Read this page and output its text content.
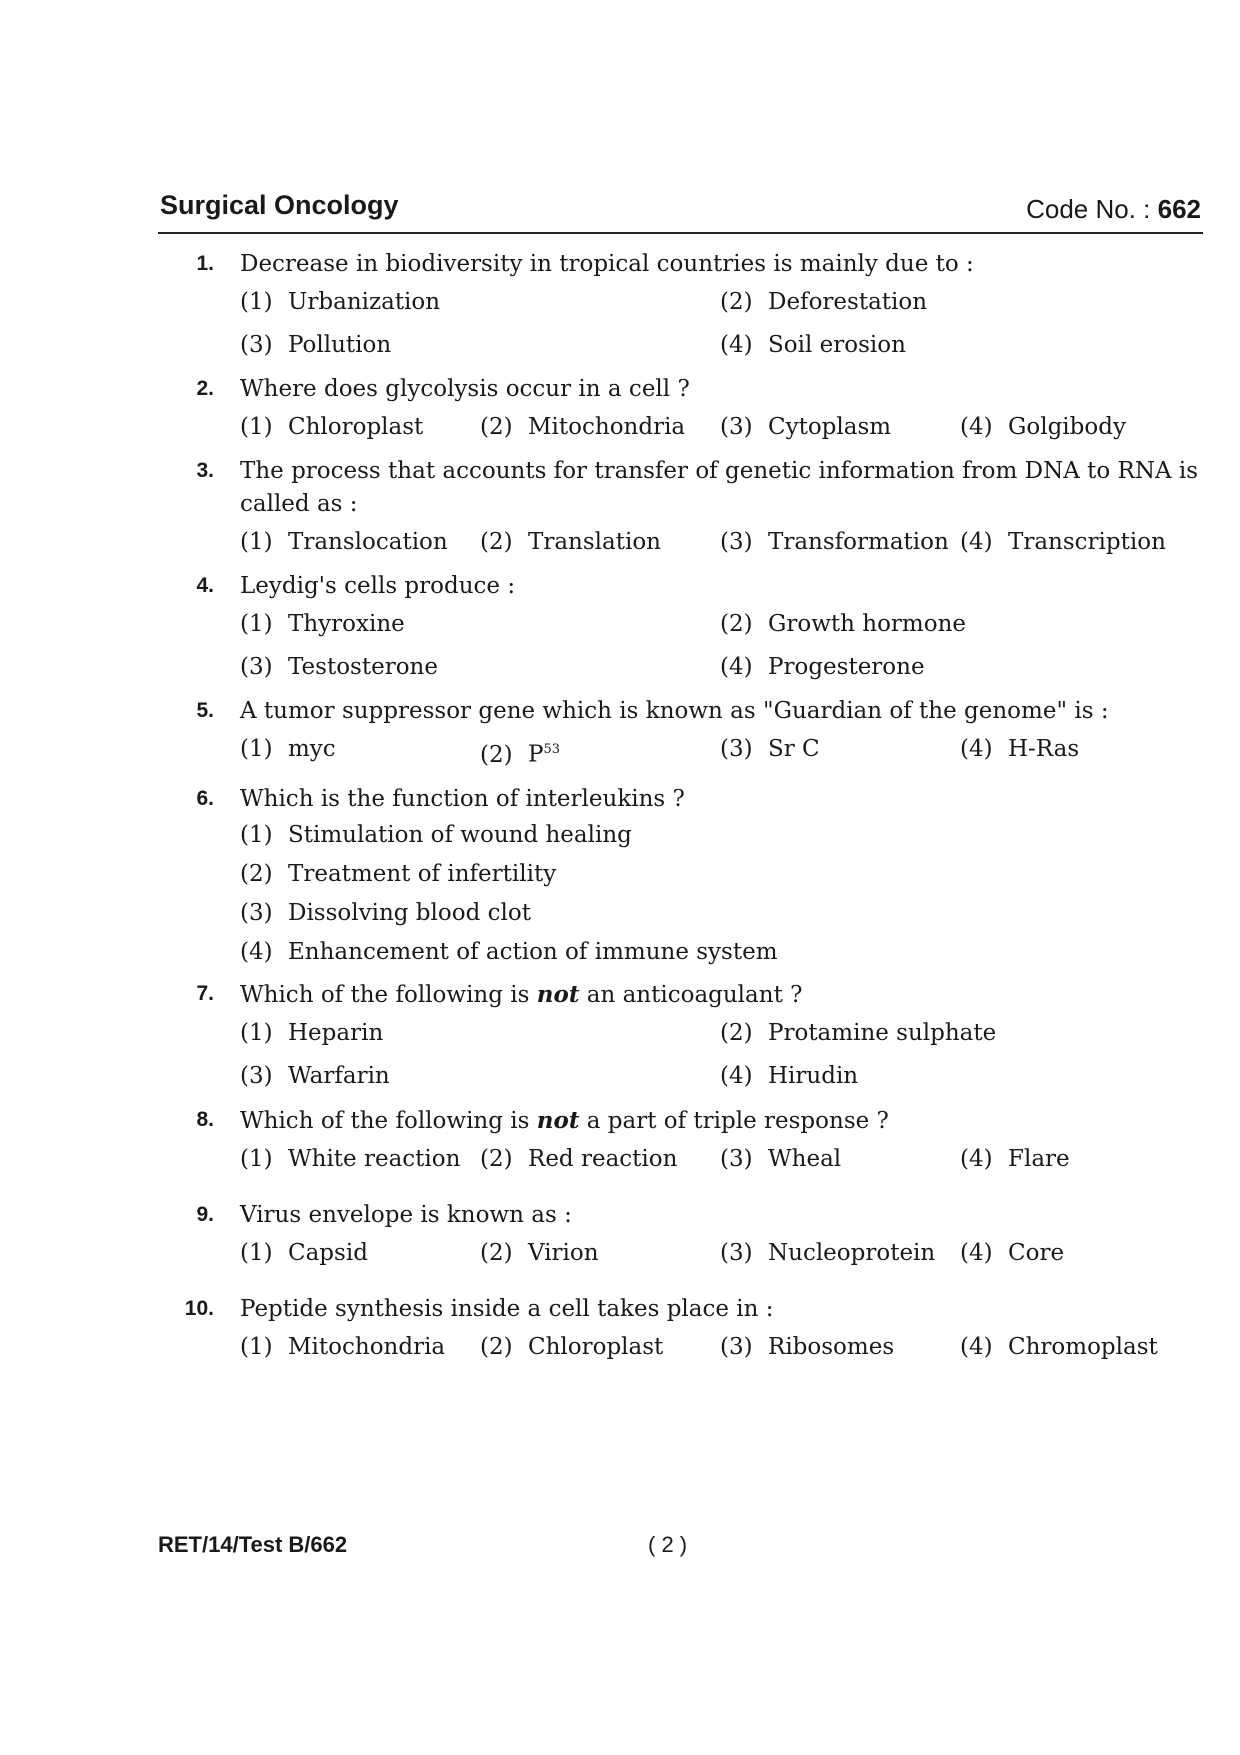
Surgical Oncology	Code No. : 662
1. Decrease in biodiversity in tropical countries is mainly due to :
(1) Urbanization	(2) Deforestation
(3) Pollution	(4) Soil erosion
2. Where does glycolysis occur in a cell ?
(1) Chloroplast	(2) Mitochondria	(3) Cytoplasm	(4) Golgibody
3. The process that accounts for transfer of genetic information from DNA to RNA is called as :
(1) Translocation	(2) Translation	(3) Transformation (4) Transcription
4. Leydig's cells produce :
(1) Thyroxine	(2) Growth hormone
(3) Testosterone	(4) Progesterone
5. A tumor suppressor gene which is known as "Guardian of the genome" is :
(1) myc	(2) $P^{53}$	(3) Sr C	(4) H-Ras
6. Which is the function of interleukins ?
(1) Stimulation of wound healing
(2) Treatment of infertility
(3) Dissolving blood clot
(4) Enhancement of action of immune system
7. Which of the following is not an anticoagulant ?
(1) Heparin	(2) Protamine sulphate
(3) Warfarin	(4) Hirudin
8. Which of the following is not a part of triple response ?
(1) White reaction (2) Red reaction	(3) Wheal	(4) Flare
9. Virus envelope is known as :
(1) Capsid	(2) Virion	(3) Nucleoprotein	(4) Core
10. Peptide synthesis inside a cell takes place in :
(1) Mitochondria	(2) Chloroplast	(3) Ribosomes	(4) Chromoplast
RET/14/Test B/662	( 2 )
